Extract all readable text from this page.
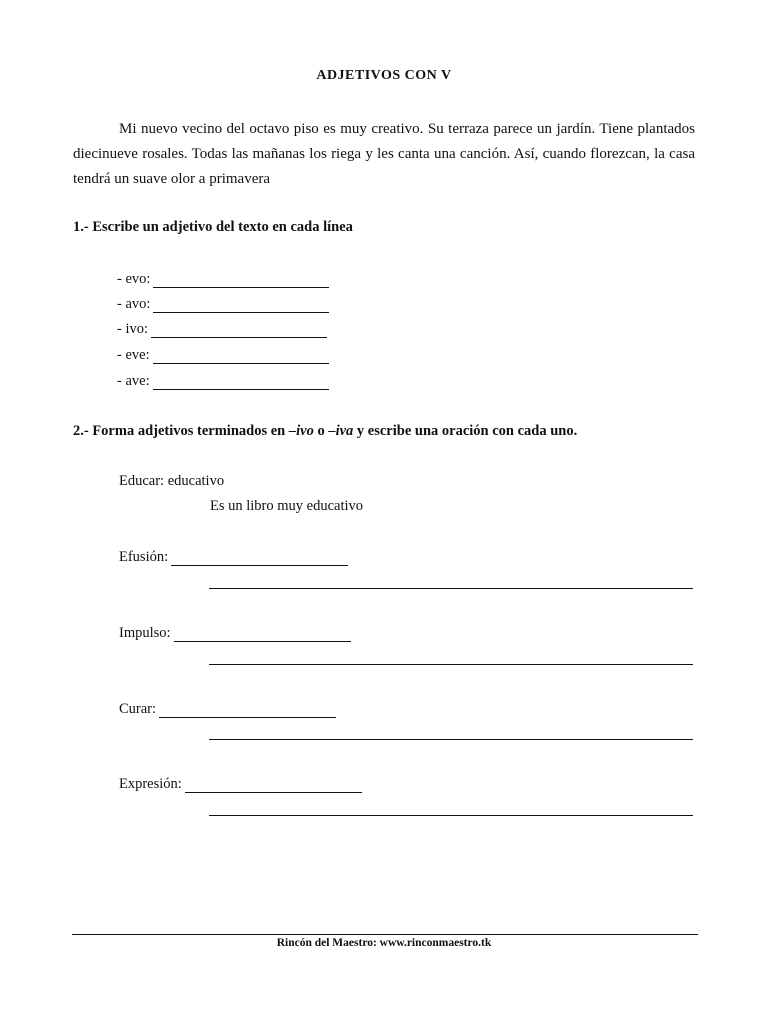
ADJETIVOS CON V

Mi nuevo vecino del octavo piso es muy creativo. Su terraza parece un jardín. Tiene plantados diecinueve rosales. Todas las mañanas los riega y les canta una canción. Así, cuando florezcan, la casa tendrá un suave olor a primavera

1.- Escribe un adjetivo del texto en cada línea

- evo:
- avo:
- ivo:
- eve:
- ave:

2.- Forma adjetivos terminados en –ivo o –iva y escribe una oración con cada uno.

Educar: educativo
Es un libro muy educativo
Efusión:
Impulso:
Curar:
Expresión:
Rincón del Maestro: www.rinconmaestro.tk
